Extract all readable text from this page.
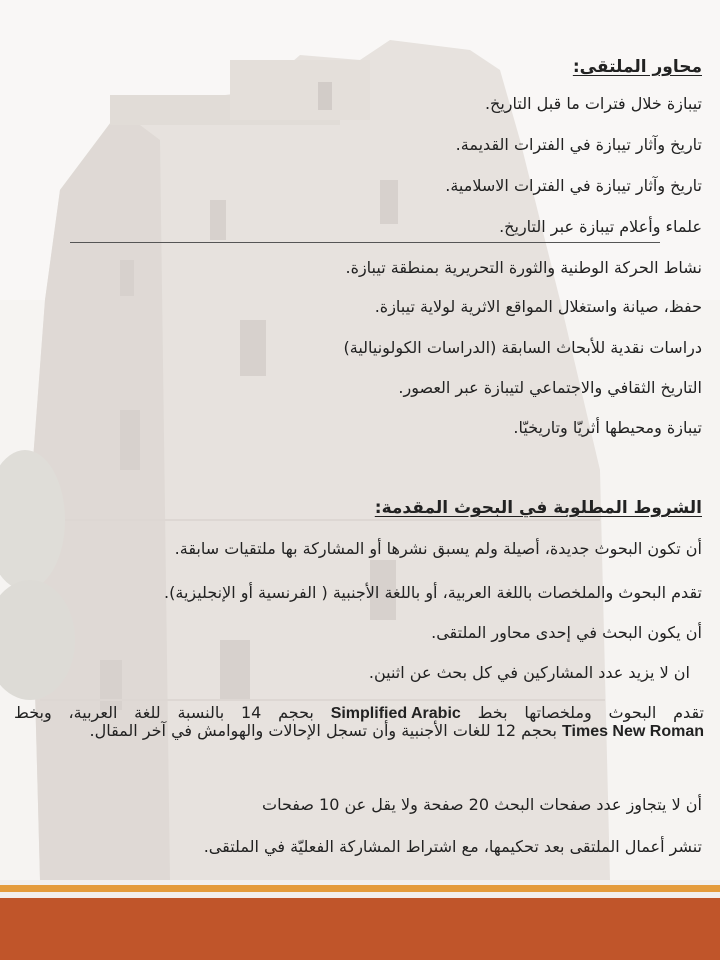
محاور الملتقى:
تيبازة خلال فترات ما قبل التاريخ.
تاريخ وآثار تيبازة في الفترات القديمة.
تاريخ وآثار تيبازة في الفترات الاسلامية.
علماء وأعلام تيبازة عبر التاريخ.
نشاط الحركة الوطنية والثورة التحريرية بمنطقة تيبازة.
حفظ، صيانة واستغلال المواقع الاثرية لولاية تيبازة.
دراسات نقدية للأبحاث السابقة (الدراسات الكولونيالية)
التاريخ الثقافي والاجتماعي لتيبازة عبر العصور.
تيبازة ومحيطها أثريّا وتاريخيّا.
الشروط المطلوبة في البحوث المقدمة:
أن تكون البحوث جديدة، أصيلة ولم يسبق نشرها أو المشاركة بها ملتقيات سابقة.
تقدم البحوث والملخصات باللغة العربية، أو باللغة الأجنبية ( الفرنسية أو الإنجليزية).
أن يكون البحث في إحدى محاور الملتقى.
ان لا يزيد عدد المشاركين في كل بحث عن اثنين.
تقدم البحوث وملخصاتها بخط Simplified Arabic بحجم 14 بالنسبة للغة العربية، وبخطTimes New Roman بحجم 12 للغات الأجنبية وأن تسجل الإحالات والهوامش في آخر المقال.
أن لا يتجاوز عدد صفحات البحث 20 صفحة ولا يقل عن 10 صفحات
تنشر أعمال الملتقى بعد تحكيمها، مع اشتراط المشاركة الفعليّة في الملتقى.
